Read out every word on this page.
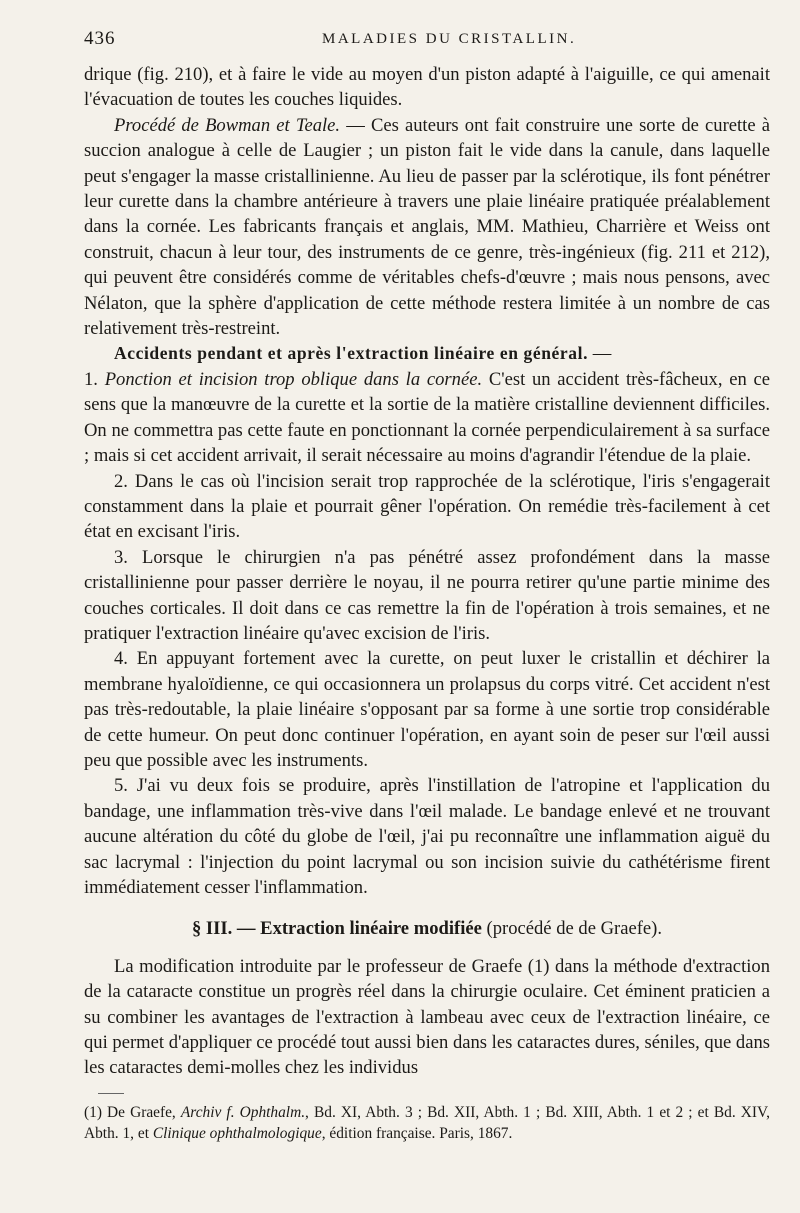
436	MALADIES DU CRISTALLIN.

drique (fig. 210), et à faire le vide au moyen d'un piston adapté à l'aiguille, ce qui amenait l'évacuation de toutes les couches liquides.

Procédé de Bowman et Teale. — Ces auteurs ont fait construire une sorte de curette à succion analogue à celle de Laugier ; un piston fait le vide dans la canule, dans laquelle peut s'engager la masse cristallinienne. Au lieu de passer par la sclérotique, ils font pénétrer leur curette dans la chambre antérieure à travers une plaie linéaire pratiquée préalablement dans la cornée. Les fabricants français et anglais, MM. Mathieu, Charrière et Weiss ont construit, chacun à leur tour, des instruments de ce genre, très-ingénieux (fig. 211 et 212), qui peuvent être considérés comme de véritables chefs-d'œuvre ; mais nous pensons, avec Nélaton, que la sphère d'application de cette méthode restera limitée à un nombre de cas relativement très-restreint.

Accidents pendant et après l'extraction linéaire en général. —
1. Ponction et incision trop oblique dans la cornée. C'est un accident très-fâcheux, en ce sens que la manœuvre de la curette et la sortie de la matière cristalline deviennent difficiles. On ne commettra pas cette faute en ponctionnant la cornée perpendiculairement à sa surface ; mais si cet accident arrivait, il serait nécessaire au moins d'agrandir l'étendue de la plaie.

2. Dans le cas où l'incision serait trop rapprochée de la sclérotique, l'iris s'engagerait constamment dans la plaie et pourrait gêner l'opération. On remédie très-facilement à cet état en excisant l'iris.

3. Lorsque le chirurgien n'a pas pénétré assez profondément dans la masse cristallinienne pour passer derrière le noyau, il ne pourra retirer qu'une partie minime des couches corticales. Il doit dans ce cas remettre la fin de l'opération à trois semaines, et ne pratiquer l'extraction linéaire qu'avec excision de l'iris.

4. En appuyant fortement avec la curette, on peut luxer le cristallin et déchirer la membrane hyaloïdienne, ce qui occasionnera un prolapsus du corps vitré. Cet accident n'est pas très-redoutable, la plaie linéaire s'opposant par sa forme à une sortie trop considérable de cette humeur. On peut donc continuer l'opération, en ayant soin de peser sur l'œil aussi peu que possible avec les instruments.

5. J'ai vu deux fois se produire, après l'instillation de l'atropine et l'application du bandage, une inflammation très-vive dans l'œil malade. Le bandage enlevé et ne trouvant aucune altération du côté du globe de l'œil, j'ai pu reconnaître une inflammation aiguë du sac lacrymal : l'injection du point lacrymal ou son incision suivie du cathétérisme firent immédiatement cesser l'inflammation.

§ III. — Extraction linéaire modifiée (procédé de de Graefe).

La modification introduite par le professeur de Graefe (1) dans la méthode d'extraction de la cataracte constitue un progrès réel dans la chirurgie oculaire. Cet éminent praticien a su combiner les avantages de l'extraction à lambeau avec ceux de l'extraction linéaire, ce qui permet d'appliquer ce procédé tout aussi bien dans les cataractes dures, séniles, que dans les cataractes demi-molles chez les individus

(1) De Graefe, Archiv f. Ophthalm., Bd. XI, Abth. 3 ; Bd. XII, Abth. 1 ; Bd. XIII, Abth. 1 et 2 ; et Bd. XIV, Abth. 1, et Clinique ophthalmologique, édition française. Paris, 1867.
